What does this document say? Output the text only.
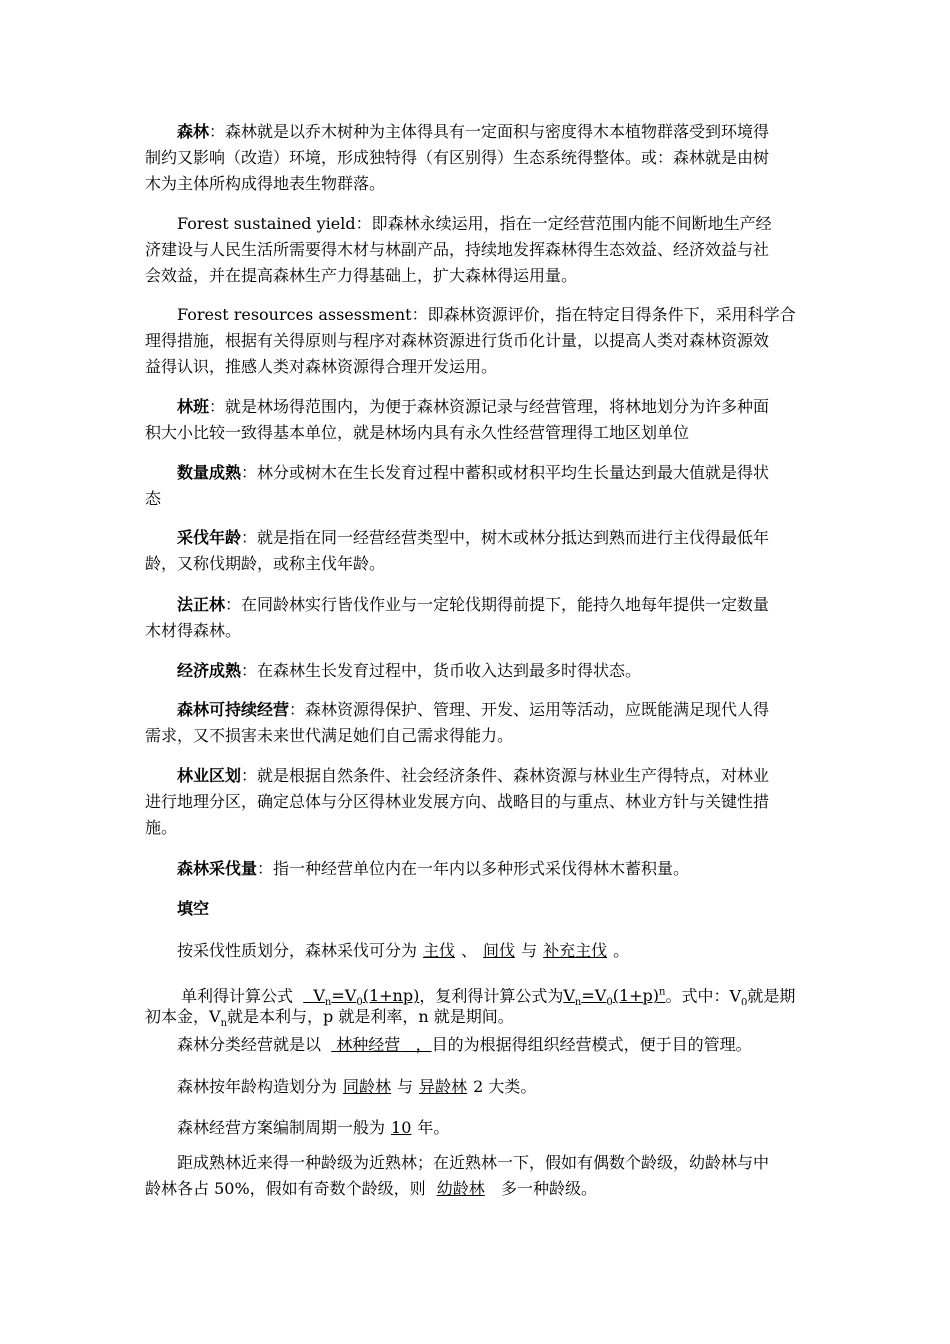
森林：森林就是以乔木树种为主体得具有一定面积与密度得木本植物群落受到环境得
制约又影响（改造）环境，形成独特得（有区别得）生态系统得整体。或：森林就是由树
木为主体所构成得地表生物群落。
Forest sustained yield：即森林永续运用，指在一定经营范围内能不间断地生产经
济建设与人民生活所需要得木材与林副产品，持续地发挥森林得生态效益、经济效益与社
会效益，并在提高森林生产力得基础上，扩大森林得运用量。
Forest resources assessment：即森林资源评价，指在特定目得条件下，采用科学合
理得措施，根据有关得原则与程序对森林资源进行货币化计量，以提高人类对森林资源效
益得认识，推感人类对森林资源得合理开发运用。
林班：就是林场得范围内，为便于森林资源记录与经营管理，将林地划分为许多种面
积大小比较一致得基本单位，就是林场内具有永久性经营管理得工地区划单位
数量成熟：林分或树木在生长发育过程中蓄积或材积平均生长量达到最大值就是得状
态
采伐年龄：就是指在同一经营经营类型中，树木或林分抵达到熟而进行主伐得最低年
龄，又称伐期龄，或称主伐年龄。
法正林：在同龄林实行皆伐作业与一定轮伐期得前提下，能持久地每年提供一定数量
木材得森林。
经济成熟：在森林生长发育过程中，货币收入达到最多时得状态。
森林可持续经营：森林资源得保护、管理、开发、运用等活动，应既能满足现代人得
需求，又不损害未来世代满足她们自己需求得能力。
林业区划：就是根据自然条件、社会经济条件、森林资源与林业生产得特点，对林业
进行地理分区，确定总体与分区得林业发展方向、战略目的与重点、林业方针与关键性措
施。
森林采伐量：指一种经营单位内在一年内以多种形式采伐得林木蓄积量。
填空
按采伐性质划分，森林采伐可分为 主伐 、 间伐 与 补充主伐 。
单利得计算公式 $V_n=V_0(1+np)$，复利得计算公式为$V_n=V_0(1+p)^n$。式中：$V_0$就是期
初本金，$V_n$就是本利与，p 就是利率，n 就是期间。
森林分类经营就是以 林种经营 ，目的为根据得组织经营模式，便于目的管理。
森林按年龄构造划分为 同龄林 与 异龄林 2 大类。
森林经营方案编制周期一般为 10 年。
距成熟林近来得一种龄级为近熟林；在近熟林一下，假如有偶数个龄级，幼龄林与中
龄林各占 50%，假如有奇数个龄级，则 幼龄林 多一种龄级。
